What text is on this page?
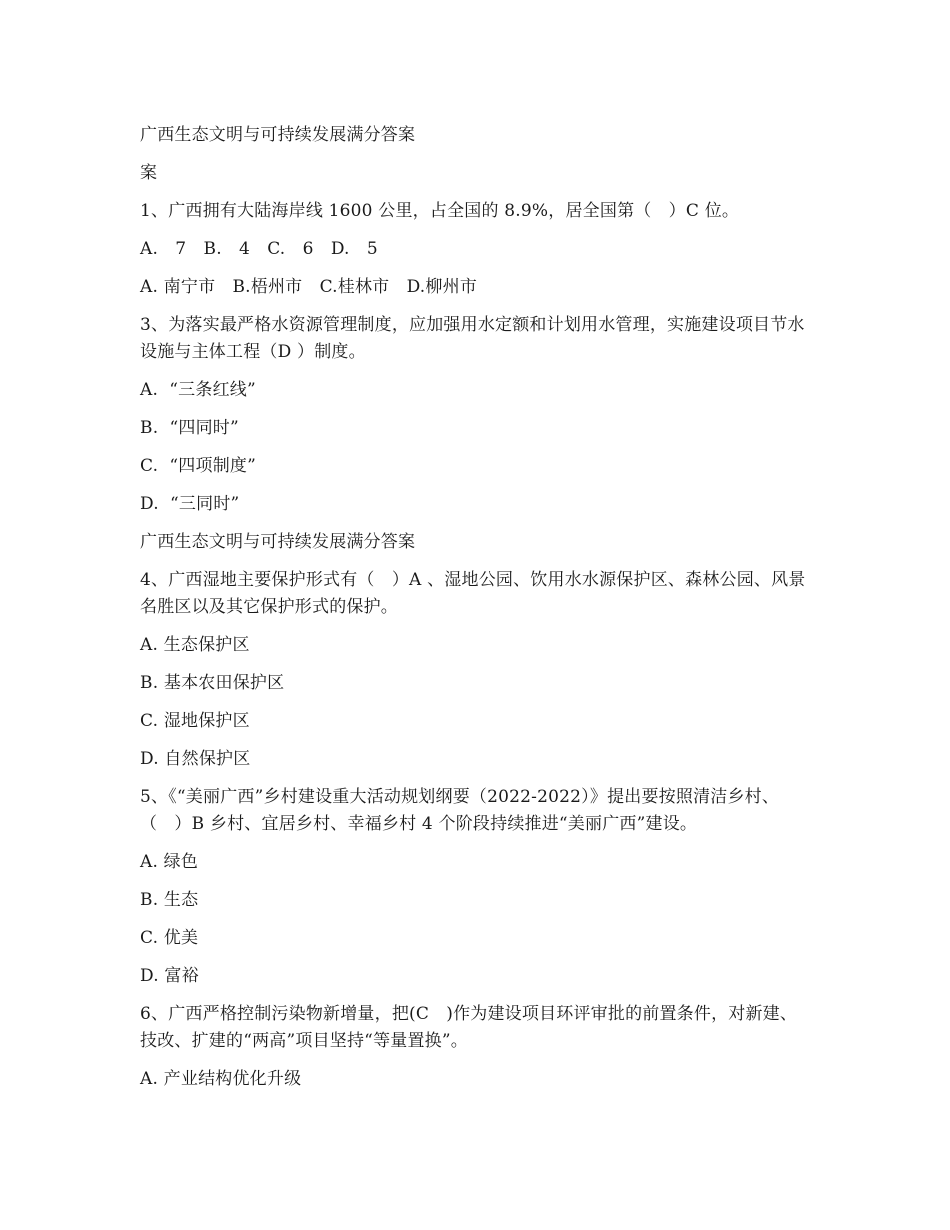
广西生态文明与可持续发展满分答案

案

1、广西拥有大陆海岸线 1600 公里，占全国的 8.9%，居全国第（　）C 位。

A.　7　B.　4　C.　6　D.　5

A. 南宁市　B.梧州市　C.桂林市　D.柳州市

3、为落实最严格水资源管理制度，应加强用水定额和计划用水管理，实施建设项目节水设施与主体工程（D ）制度。

A.  “三条红线”

B.  “四同时”

C.  “四项制度”

D.  “三同时”

广西生态文明与可持续发展满分答案

4、广西湿地主要保护形式有（　）A 、湿地公园、饮用水水源保护区、森林公园、风景名胜区以及其它保护形式的保护。

A. 生态保护区

B. 基本农田保护区

C. 湿地保护区

D. 自然保护区

5、《“美丽广西”乡村建设重大活动规划纲要（2022-2022）》提出要按照清洁乡村、（　）B 乡村、宜居乡村、幸福乡村 4 个阶段持续推进“美丽广西”建设。

A. 绿色

B. 生态

C. 优美

D. 富裕

6、广西严格控制污染物新增量，把(C　)作为建设项目环评审批的前置条件，对新建、技改、扩建的“两高”项目坚持“等量置换”。

A. 产业结构优化升级
